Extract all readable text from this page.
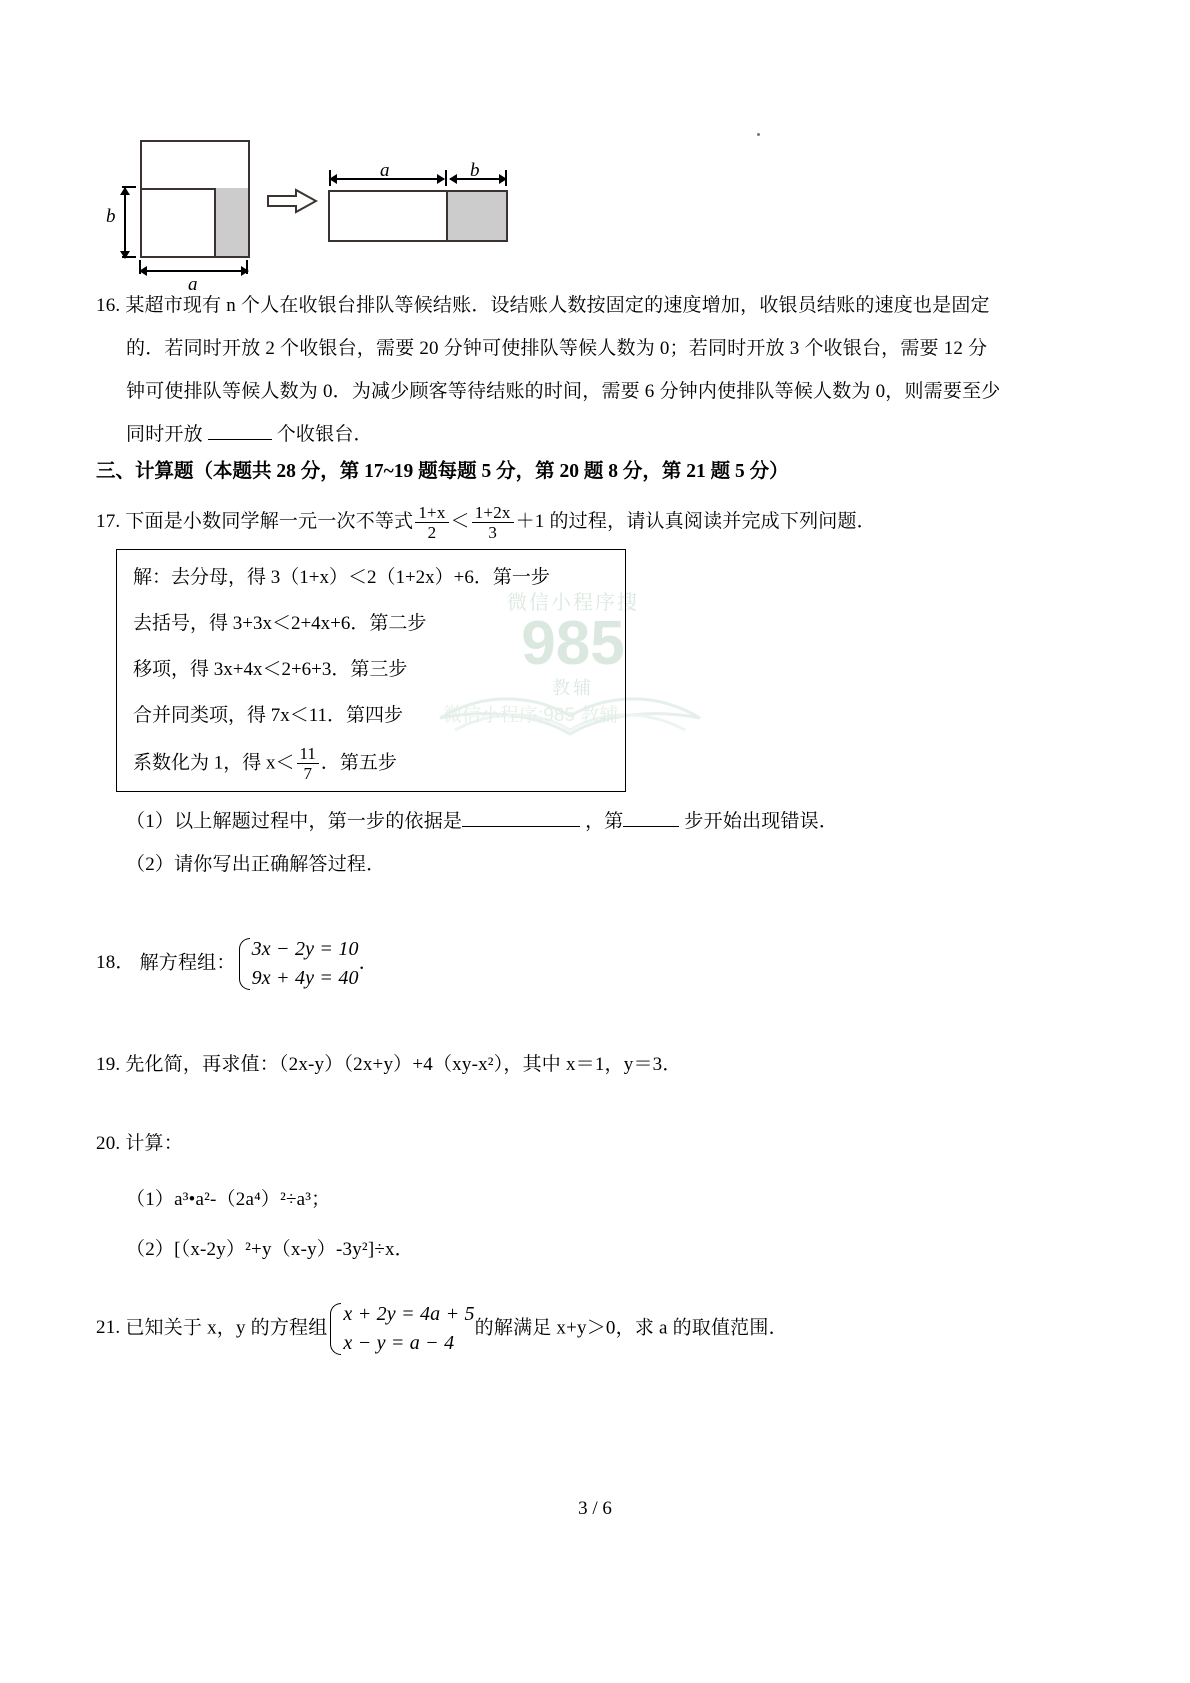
b
a
a	b
16. 某超市现有 n 个人在收银台排队等候结账．设结账人数按固定的速度增加，收银员结账的速度也是固定
的．若同时开放 2 个收银台，需要 20 分钟可使排队等候人数为 0；若同时开放 3 个收银台，需要 12 分
钟可使排队等候人数为 0．为减少顾客等待结账的时间，需要 6 分钟内使排队等候人数为 0，则需要至少
同时开放	个收银台．
三、计算题（本题共 28 分，第 17~19 题每题 5 分，第 20 题 8 分，第 21 题 5 分）
17. 下面是小数同学解一元一次不等式 $\frac{1+x}{2} < \frac{1+2x}{3} +1$ 的过程，请认真阅读并完成下列问题．
微信小程序搜
985
教辅
微信小程序:985 教辅
解：去分母，得 3（1+x）＜2（1+2x）+6．第一步
去括号，得 3+3x＜2+4x+6．第二步
移项，得 3x+4x＜2+6+3．第三步
合并同类项，得 7x＜11．第四步
系数化为 1，得 $x< \frac{11}{7}$ ．第五步
（1）以上解题过程中，第一步的依据是	，第	步开始出现错误．
（2）请你写出正确解答过程．
18． 解方程组：
3x − 2y = 10
9x + 4y = 40
．
19. 先化简，再求值：（2x‑y）（2x+y）+4（xy‑x²），其中 x＝1，y＝3．
20. 计算：
（1）a³•a²‑（2a⁴）²÷a³；
（2）[（x‑2y）²+y（x‑y）‑3y²]÷x．
21. 已知关于 x，y 的方程组
x + 2y = 4a + 5
x − y = a − 4
的解满足 x+y＞0，求 a 的取值范围．
3 / 6
